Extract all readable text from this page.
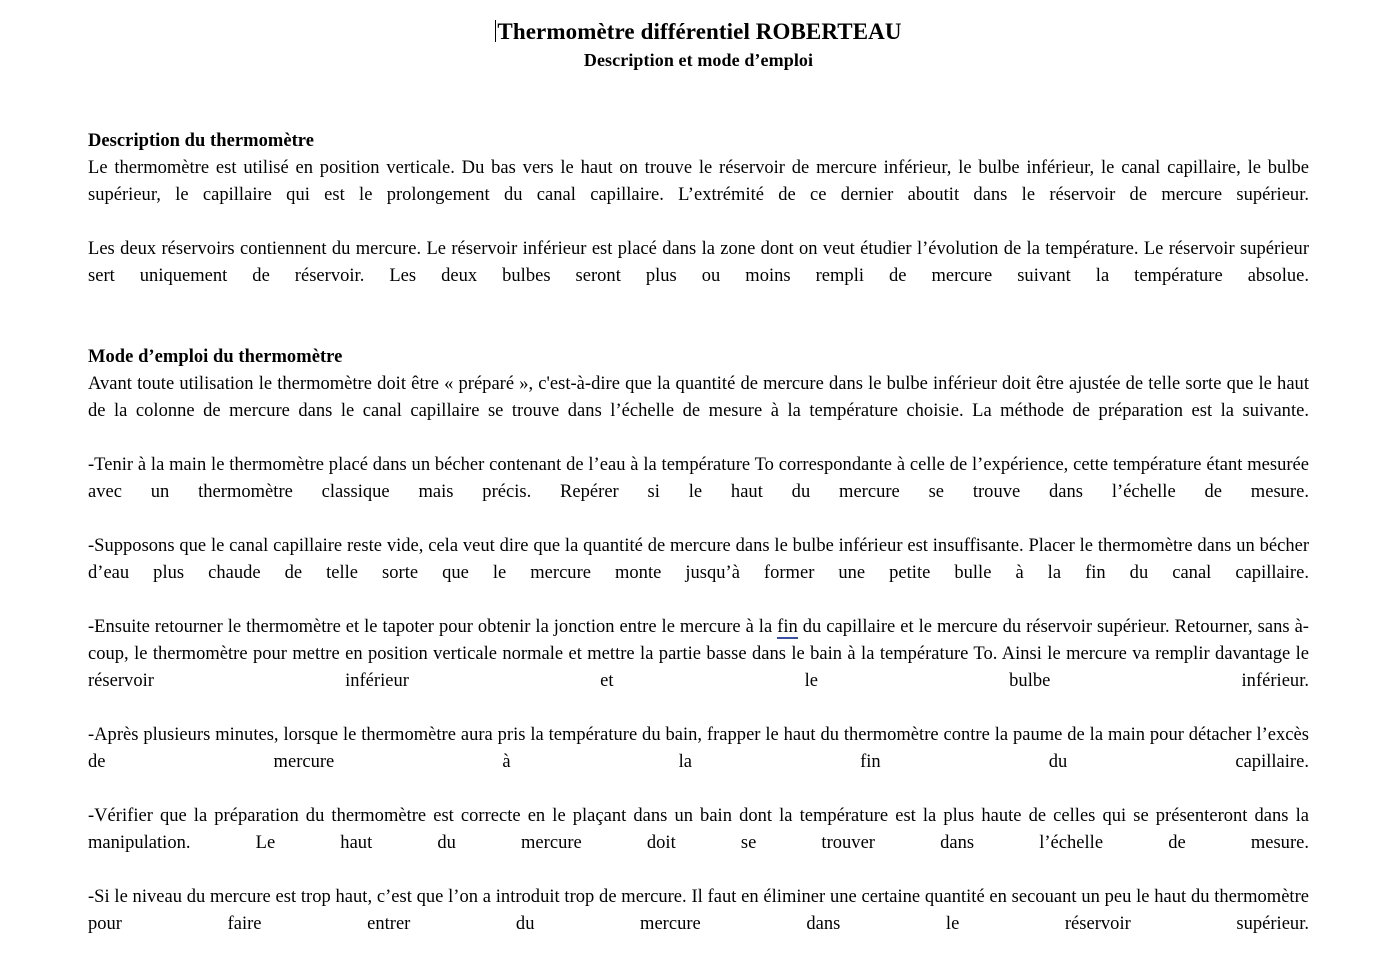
Thermomètre différentiel ROBERTEAU
Description et mode d’emploi
Description du thermomètre

Le thermomètre est utilisé en position verticale. Du bas vers le haut on trouve le réservoir de mercure inférieur, le bulbe inférieur, le canal capillaire, le bulbe supérieur, le capillaire qui est le prolongement du canal capillaire. L’extrémité de ce dernier aboutit dans le réservoir de mercure supérieur.

Les deux réservoirs contiennent du mercure. Le réservoir inférieur est placé dans la zone dont on veut étudier l’évolution de la température. Le réservoir supérieur sert uniquement de réservoir. Les deux bulbes seront plus ou moins rempli de mercure suivant la température absolue.

Mode d’emploi du thermomètre

Avant toute utilisation le thermomètre doit être « préparé », c'est-à-dire que la quantité de mercure dans le bulbe inférieur doit être ajustée de telle sorte que le haut de la colonne de mercure dans le canal capillaire se trouve dans l’échelle de mesure à la température choisie. La méthode de préparation est la suivante.

-Tenir à la main le thermomètre placé dans un bécher contenant de l’eau à la température To correspondante à celle de l’expérience, cette température étant mesurée avec un thermomètre classique mais précis. Repérer si le haut du mercure se trouve dans l’échelle de mesure.

-Supposons que le canal capillaire reste vide, cela veut dire que la quantité de mercure dans le bulbe inférieur est insuffisante. Placer le thermomètre dans un bécher d’eau plus chaude de telle sorte que le mercure monte jusqu’à former une petite bulle à la fin du canal capillaire.

-Ensuite retourner le thermomètre et le tapoter pour obtenir la jonction entre le mercure à la fin du capillaire et le mercure du réservoir supérieur. Retourner, sans à-coup, le thermomètre pour mettre en position verticale normale et mettre la partie basse dans le bain à la température To. Ainsi le mercure va remplir davantage le réservoir inférieur et le bulbe inférieur.

-Après plusieurs minutes, lorsque le thermomètre aura pris la température du bain, frapper le haut du thermomètre contre la paume de la main pour détacher l’excès de mercure à la fin du capillaire.

-Vérifier que la préparation du thermomètre est correcte en le plaçant dans un bain dont la température est la plus haute de celles qui se présenteront dans la manipulation. Le haut du mercure doit se trouver dans l’échelle de mesure.

-Si le niveau du mercure est trop haut, c’est que l’on a introduit trop de mercure. Il faut en éliminer une certaine quantité en secouant un peu le haut du thermomètre pour faire entrer du mercure dans le réservoir supérieur.
